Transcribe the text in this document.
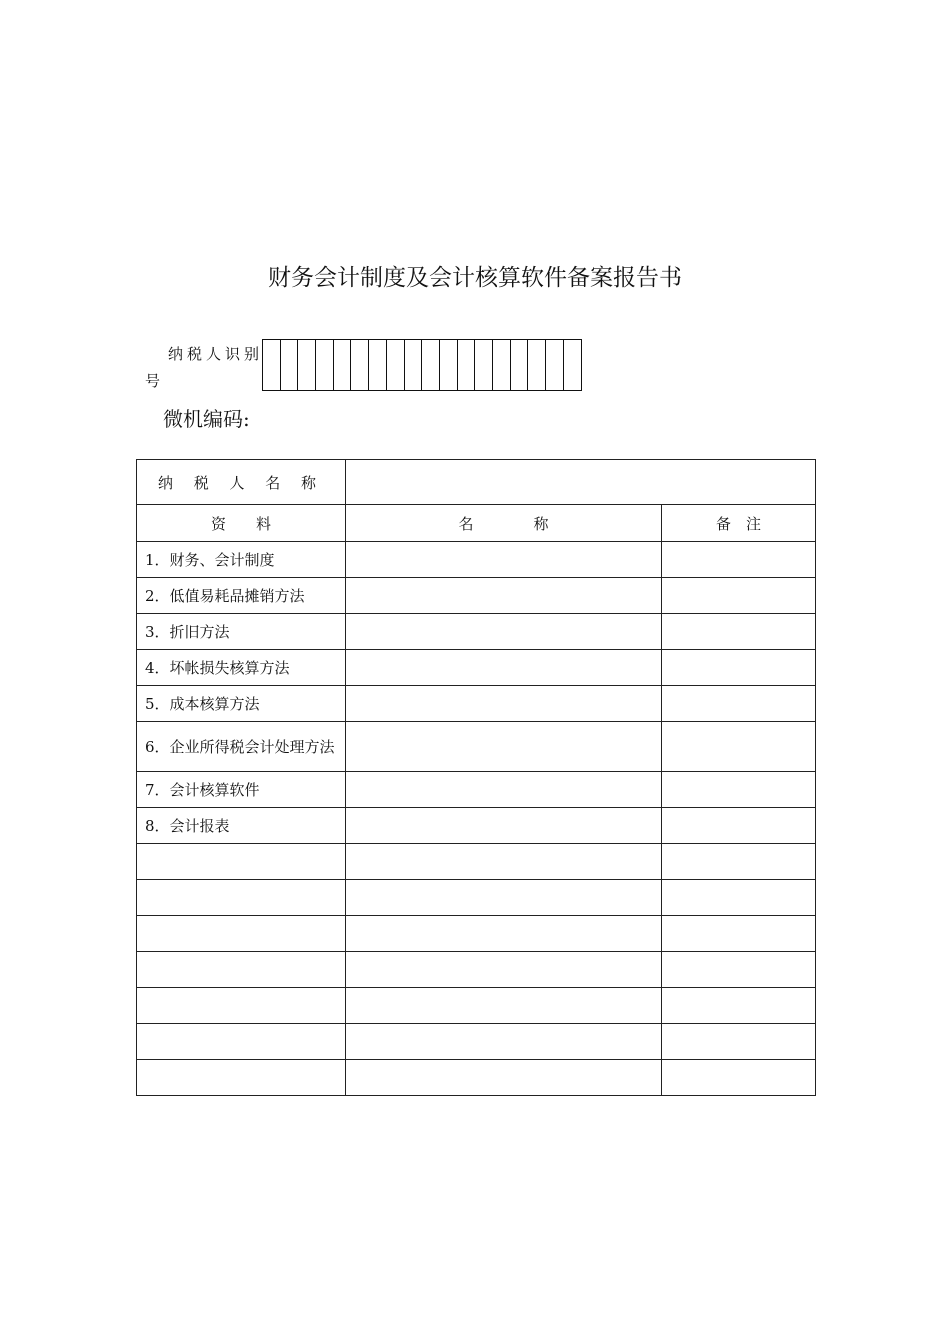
财务会计制度及会计核算软件备案报告书
纳税人识别
号
微机编码:
纳 税 人 名 称		
资　　料	名　　　　称	备　注
1．财务、会计制度		
2．低值易耗品摊销方法		
3．折旧方法		
4．坏帐损失核算方法		
5．成本核算方法		
6．企业所得税会计处理方法		
7．会计核算软件		
8．会计报表		
